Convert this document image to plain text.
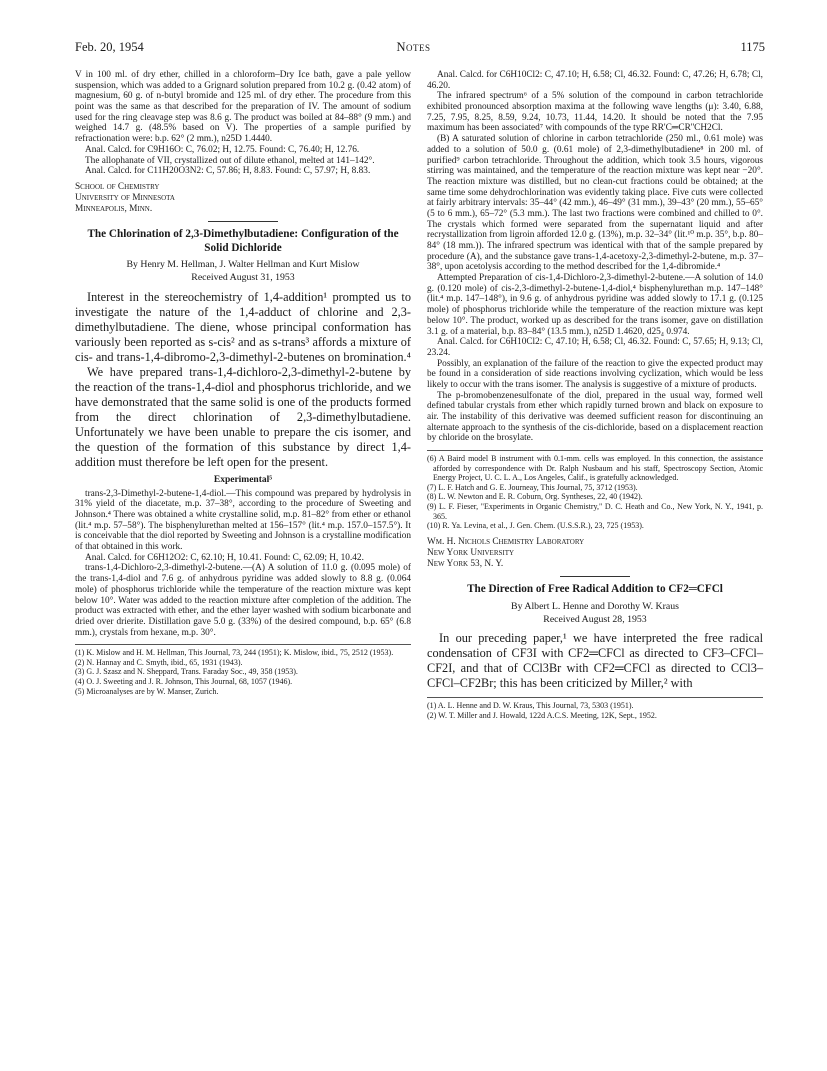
Feb. 20, 1954	Notes	1175

V in 100 ml. of dry ether, chilled in a chloroform–Dry Ice bath, gave a pale yellow suspension, which was added to a Grignard solution prepared from 10.2 g. (0.42 atom) of magnesium, 60 g. of n-butyl bromide and 125 ml. of dry ether. The procedure from this point was the same as that described for the preparation of IV. The amount of sodium used for the ring cleavage step was 8.6 g. The product was boiled at 84–88° (9 mm.) and weighed 14.7 g. (48.5% based on V). The properties of a sample purified by refractionation were: b.p. 62° (2 mm.), n25D 1.4440.

Anal. Calcd. for C9H16O: C, 76.02; H, 12.75. Found: C, 76.40; H, 12.76.

The allophanate of VII, crystallized out of dilute ethanol, melted at 141–142°.

Anal. Calcd. for C11H20O3N2: C, 57.86; H, 8.83. Found: C, 57.97; H, 8.83.

School of Chemistry
University of Minnesota
Minneapolis, Minn.
The Chlorination of 2,3-Dimethylbutadiene: Configuration of the Solid Dichloride
By Henry M. Hellman, J. Walter Hellman and Kurt Mislow
Received August 31, 1953

Interest in the stereochemistry of 1,4-addition¹ prompted us to investigate the nature of the 1,4-adduct of chlorine and 2,3-dimethylbutadiene. The diene, whose principal conformation has variously been reported as s-cis² and as s-trans³ affords a mixture of cis- and trans-1,4-dibromo-2,3-dimethyl-2-butenes on bromination.⁴

We have prepared trans-1,4-dichloro-2,3-dimethyl-2-butene by the reaction of the trans-1,4-diol and phosphorus trichloride, and we have demonstrated that the same solid is one of the products formed from the direct chlorination of 2,3-dimethylbutadiene. Unfortunately we have been unable to prepare the cis isomer, and the question of the formation of this substance by direct 1,4-addition must therefore be left open for the present.

Experimental⁵

trans-2,3-Dimethyl-2-butene-1,4-diol.—This compound was prepared by hydrolysis in 31% yield of the diacetate, m.p. 37–38°, according to the procedure of Sweeting and Johnson.⁴ There was obtained a white crystalline solid, m.p. 81–82° from ether or ethanol (lit.⁴ m.p. 57–58°). The bisphenylurethan melted at 156–157° (lit.⁴ m.p. 157.0–157.5°). It is conceivable that the diol reported by Sweeting and Johnson is a crystalline modification of that obtained in this work.

Anal. Calcd. for C6H12O2: C, 62.10; H, 10.41. Found: C, 62.09; H, 10.42.

trans-1,4-Dichloro-2,3-dimethyl-2-butene.—(A) A solution of 11.0 g. (0.095 mole) of the trans-1,4-diol and 7.6 g. of anhydrous pyridine was added slowly to 8.8 g. (0.064 mole) of phosphorus trichloride while the temperature of the reaction mixture was kept below 10°. Water was added to the reaction mixture after completion of the addition. The product was extracted with ether, and the ether layer washed with sodium bicarbonate and dried over drierite. Distillation gave 5.0 g. (33%) of the desired compound, b.p. 65° (6.8 mm.), crystals from hexane, m.p. 30°.

(1) K. Mislow and H. M. Hellman, This Journal, 73, 244 (1951); K. Mislow, ibid., 75, 2512 (1953).

(2) N. Hannay and C. Smyth, ibid., 65, 1931 (1943).

(3) G. J. Szasz and N. Sheppard, Trans. Faraday Soc., 49, 358 (1953).

(4) O. J. Sweeting and J. R. Johnson, This Journal, 68, 1057 (1946).

(5) Microanalyses are by W. Manser, Zurich.

Anal. Calcd. for C6H10Cl2: C, 47.10; H, 6.58; Cl, 46.32. Found: C, 47.26; H, 6.78; Cl, 46.20.

The infrared spectrum⁶ of a 5% solution of the compound in carbon tetrachloride exhibited pronounced absorption maxima at the following wave lengths (μ): 3.40, 6.88, 7.25, 7.95, 8.25, 8.59, 9.24, 10.73, 11.44, 14.20. It should be noted that the 7.95 maximum has been associated⁷ with compounds of the type RR'C═CR''CH2Cl.

(B) A saturated solution of chlorine in carbon tetrachloride (250 ml., 0.61 mole) was added to a solution of 50.0 g. (0.61 mole) of 2,3-dimethylbutadiene⁸ in 200 ml. of purified⁹ carbon tetrachloride. Throughout the addition, which took 3.5 hours, vigorous stirring was maintained, and the temperature of the reaction mixture was kept near −20°. The reaction mixture was distilled, but no clean-cut fractions could be obtained; at the same time some dehydrochlorination was evidently taking place. Five cuts were collected at fairly arbitrary intervals: 35–44° (42 mm.), 46–49° (31 mm.), 39–43° (20 mm.), 55–65° (5 to 6 mm.), 65–72° (5.3 mm.). The last two fractions were combined and chilled to 0°. The crystals which formed were separated from the supernatant liquid and after recrystallization from ligroin afforded 12.0 g. (13%), m.p. 32–34° (lit.¹⁰ m.p. 35°, b.p. 80–84° (18 mm.)). The infrared spectrum was identical with that of the sample prepared by procedure (A), and the substance gave trans-1,4-acetoxy-2,3-dimethyl-2-butene, m.p. 37–38°, upon acetolysis according to the method described for the 1,4-dibromide.⁴

Attempted Preparation of cis-1,4-Dichloro-2,3-dimethyl-2-butene.—A solution of 14.0 g. (0.120 mole) of cis-2,3-dimethyl-2-butene-1,4-diol,⁴ bisphenylurethan m.p. 147–148° (lit.⁴ m.p. 147–148°), in 9.6 g. of anhydrous pyridine was added slowly to 17.1 g. (0.125 mole) of phosphorus trichloride while the temperature of the reaction mixture was kept below 10°. The product, worked up as described for the trans isomer, gave on distillation 3.1 g. of a material, b.p. 83–84° (13.5 mm.), n25D 1.4620, d25₄ 0.974.

Anal. Calcd. for C6H10Cl2: C, 47.10; H, 6.58; Cl, 46.32. Found: C, 57.65; H, 9.13; Cl, 23.24.

Possibly, an explanation of the failure of the reaction to give the expected product may be found in a consideration of side reactions involving cyclization, which would be less likely to occur with the trans isomer. The analysis is suggestive of a mixture of products.

The p-bromobenzenesulfonate of the diol, prepared in the usual way, formed well defined tabular crystals from ether which rapidly turned brown and black on exposure to air. The instability of this derivative was deemed sufficient reason for discontinuing an alternate approach to the synthesis of the cis-dichloride, based on a displacement reaction by chloride on the brosylate.

(6) A Baird model B instrument with 0.1-mm. cells was employed. In this connection, the assistance afforded by correspondence with Dr. Ralph Nusbaum and his staff, Spectroscopy Section, Atomic Energy Project, U. C. L. A., Los Angeles, Calif., is gratefully acknowledged.

(7) L. F. Hatch and G. E. Journeay, This Journal, 75, 3712 (1953).

(8) L. W. Newton and E. R. Coburn, Org. Syntheses, 22, 40 (1942).

(9) L. F. Fieser, "Experiments in Organic Chemistry," D. C. Heath and Co., New York, N. Y., 1941, p. 365.

(10) R. Ya. Levina, et al., J. Gen. Chem. (U.S.S.R.), 23, 725 (1953).

Wm. H. Nichols Chemistry Laboratory
New York University
New York 53, N. Y.
The Direction of Free Radical Addition to CF2═CFCl
By Albert L. Henne and Dorothy W. Kraus
Received August 28, 1953

In our preceding paper,¹ we have interpreted the free radical condensation of CF3I with CF2═CFCl as directed to CF3–CFCl–CF2I, and that of CCl3Br with CF2═CFCl as directed to CCl3–CFCl–CF2Br; this has been criticized by Miller,² with

(1) A. L. Henne and D. W. Kraus, This Journal, 73, 5303 (1951).

(2) W. T. Miller and J. Howald, 122d A.C.S. Meeting, 12K, Sept., 1952.
